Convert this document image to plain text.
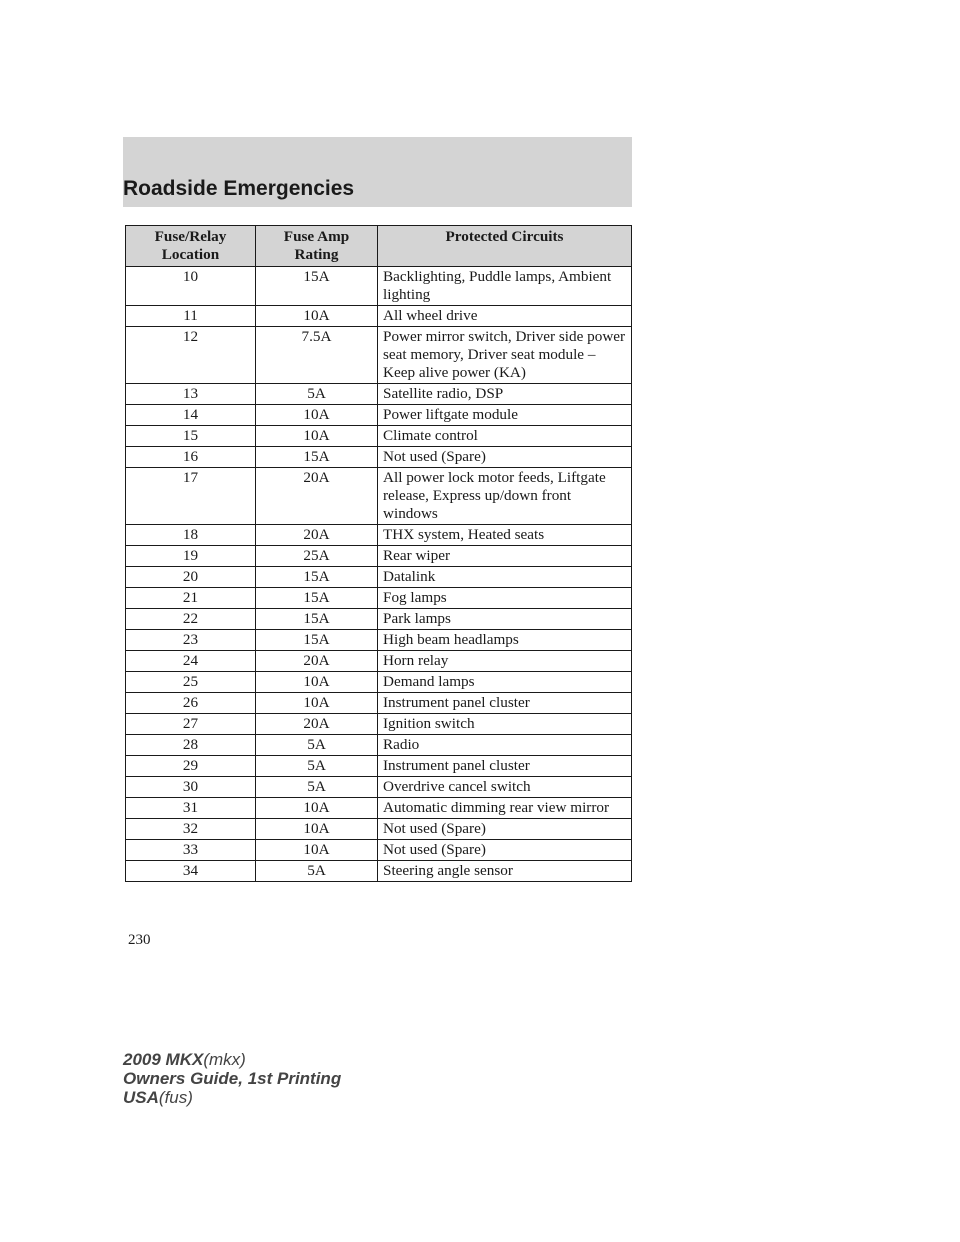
Roadside Emergencies
Fuse/Relay Location	Fuse Amp Rating	Protected Circuits
10	15A	Backlighting, Puddle lamps, Ambient lighting
11	10A	All wheel drive
12	7.5A	Power mirror switch, Driver side power seat memory, Driver seat module – Keep alive power (KA)
13	5A	Satellite radio, DSP
14	10A	Power liftgate module
15	10A	Climate control
16	15A	Not used (Spare)
17	20A	All power lock motor feeds, Liftgate release, Express up/down front windows
18	20A	THX system, Heated seats
19	25A	Rear wiper
20	15A	Datalink
21	15A	Fog lamps
22	15A	Park lamps
23	15A	High beam headlamps
24	20A	Horn relay
25	10A	Demand lamps
26	10A	Instrument panel cluster
27	20A	Ignition switch
28	5A	Radio
29	5A	Instrument panel cluster
30	5A	Overdrive cancel switch
31	10A	Automatic dimming rear view mirror
32	10A	Not used (Spare)
33	10A	Not used (Spare)
34	5A	Steering angle sensor
230
2009 MKX(mkx)
Owners Guide, 1st Printing
USA(fus)
